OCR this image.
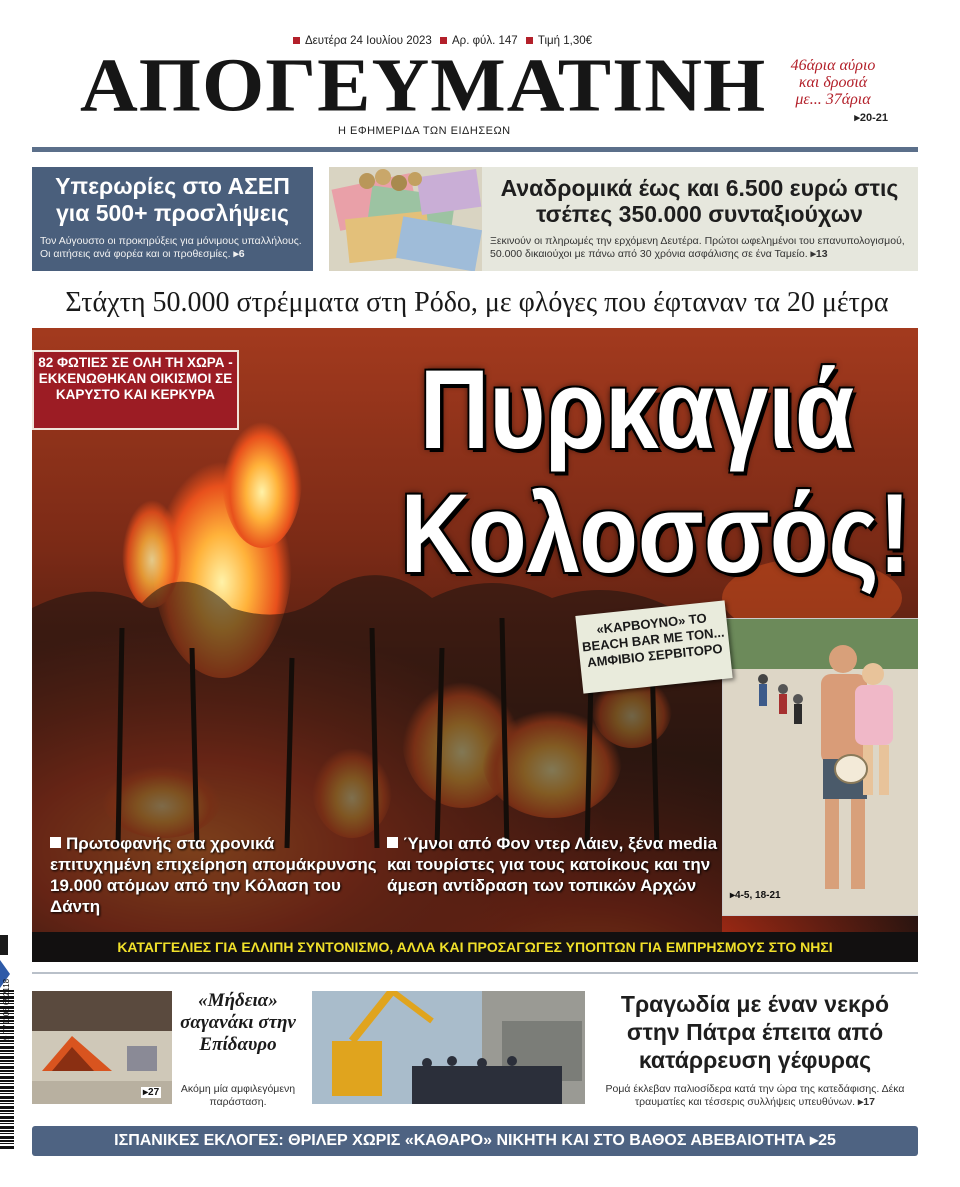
Δευτέρα 24 Ιουλίου 2023 Αρ. φύλ. 147 Τιμή 1,30€
ΑΠΟΓΕΥΜΑΤΙΝΗ
Η ΕΦΗΜΕΡΙΔΑ ΤΩΝ ΕΙΔΗΣΕΩΝ
46άρια αύριο
και δροσιά
με... 37άρια
▸20-21
Υπερωρίες στο ΑΣΕΠ για 500+ προσλήψεις
Τον Αύγουστο οι προκηρύξεις για μόνιμους υπαλλήλους. Οι αιτήσεις ανά φορέα και οι προθεσμίες. ▸6
Αναδρομικά έως και 6.500 ευρώ στις τσέπες 350.000 συνταξιούχων
Ξεκινούν οι πληρωμές την ερχόμενη Δευτέρα. Πρώτοι ωφελημένοι του επανυπολογισμού, 50.000 δικαιούχοι με πάνω από 30 χρόνια ασφάλισης σε ένα Ταμείο. ▸13
Στάχτη 50.000 στρέμματα στη Ρόδο, με φλόγες που έφταναν τα 20 μέτρα
82 ΦΩΤΙΕΣ ΣΕ ΟΛΗ ΤΗ ΧΩΡΑ - ΕΚΚΕΝΩΘΗΚΑΝ ΟΙΚΙΣΜΟΙ ΣΕ ΚΑΡΥΣΤΟ ΚΑΙ ΚΕΡΚΥΡΑ Πυρκαγιά
Κολοσσός!
«ΚΑΡΒΟΥΝΟ» ΤΟ BEACH BAR ΜΕ ΤΟΝ... ΑΜΦΙΒΙΟ ΣΕΡΒΙΤΟΡΟ
▸4-5, 18-21
Πρωτοφανής στα χρονικά επιτυχημένη επιχείρηση απομάκρυνσης 19.000 ατόμων από την Κόλαση του Δάντη
Ύμνοι από Φον ντερ Λάιεν, ξένα media και τουρίστες για τους κατοίκους και την άμεση αντίδραση των τοπικών Αρχών
ΚΑΤΑΓΓΕΛΙΕΣ ΓΙΑ ΕΛΛΙΠΗ ΣΥΝΤΟΝΙΣΜΟ, ΑΛΛΑ ΚΑΙ ΠΡΟΣΑΓΩΓΕΣ ΥΠΟΠΤΩΝ ΓΙΑ ΕΜΠΡΗΣΜΟΥΣ ΣΤΟ ΝΗΣΙ
▸27
«Μήδεια» σαγανάκι στην Επίδαυρο
Ακόμη μία αμφιλεγόμενη παράσταση.
Τραγωδία με έναν νεκρό στην Πάτρα έπειτα από κατάρρευση γέφυρας
Ρομά έκλεβαν παλιοσίδερα κατά την ώρα της κατεδάφισης. Δέκα τραυματίες και τέσσερις συλλήψεις υπευθύνων. ▸17
ΙΣΠΑΝΙΚΕΣ ΕΚΛΟΓΕΣ: ΘΡΙΛΕΡ ΧΩΡΙΣ «ΚΑΘΑΡΟ» ΝΙΚΗΤΗ ΚΑΙ ΣΤΟ ΒΑΘΟΣ ΑΒΕΒΑΙΟΤΗΤΑ ▸25
9 771108 652118
